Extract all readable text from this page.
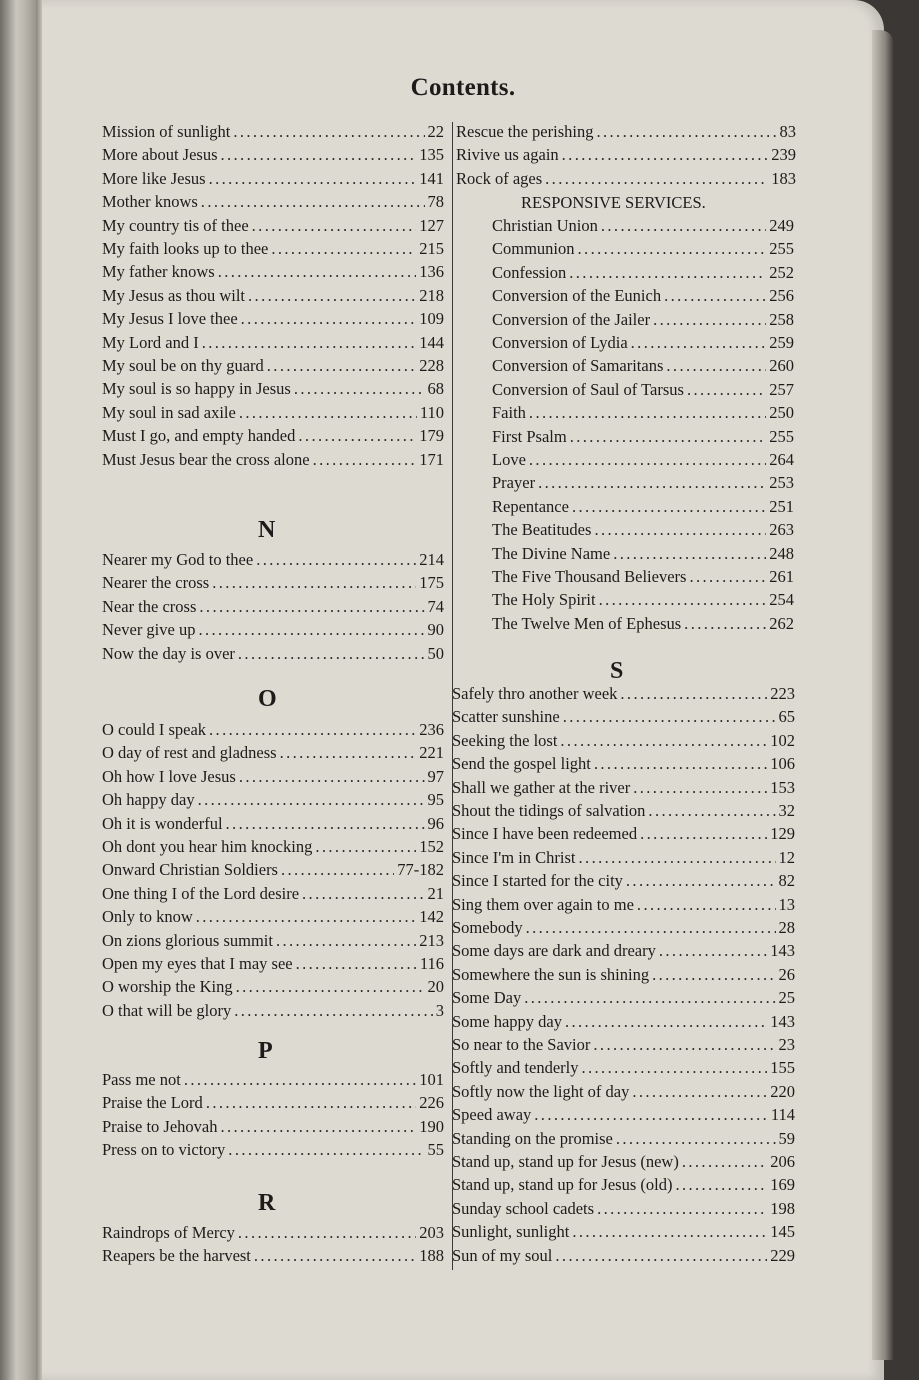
Contents.
Mission of sunlight .....	22
More about Jesus .....	135
More like Jesus .....	141
Mother knows .....	78
My country tis of thee .....	127
My faith looks up to thee .....	215
My father knows .....	136
My Jesus as thou wilt .....	218
My Jesus I love thee .....	109
My Lord and I .....	144
My soul be on thy guard .....	228
My soul is so happy in Jesus .....	68
My soul in sad axile .....	110
Must I go, and empty handed .....	179
Must Jesus bear the cross alone .....	171
N
Nearer my God to thee .....	214
Nearer the cross .....	175
Near the cross .....	74
Never give up .....	90
Now the day is over .....	50
O
O could I speak .....	236
O day of rest and gladness .....	221
Oh how I love Jesus .....	97
Oh happy day .....	95
Oh it is wonderful .....	96
Oh dont you hear him knocking .....	152
Onward Christian Soldiers .....	77-182
One thing I of the Lord desire .....	21
Only to know .....	142
On zions glorious summit .....	213
Open my eyes that I may see .....	116
O worship the King .....	20
O that will be glory .....	3
P
Pass me not .....	101
Praise the Lord .....	226
Praise to Jehovah .....	190
Press on to victory .....	55
R
Raindrops of Mercy .....	203
Reapers be the harvest .....	188
Rescue the perishing .....	83
Rivive us again .....	239
Rock of ages .....	183
RESPONSIVE SERVICES.
Christian Union .....	249
Communion .....	255
Confession .....	252
Conversion of the Eunich .....	256
Conversion of the Jailer .....	258
Conversion of Lydia .....	259
Conversion of Samaritans .....	260
Conversion of Saul of Tarsus .....	257
Faith .....	250
First Psalm .....	255
Love .....	264
Prayer .....	253
Repentance .....	251
The Beatitudes .....	263
The Divine Name .....	248
The Five Thousand Believers .....	261
The Holy Spirit .....	254
The Twelve Men of Ephesus .....	262
S
Safely thro another week .....	223
Scatter sunshine .....	65
Seeking the lost .....	102
Send the gospel light .....	106
Shall we gather at the river .....	153
Shout the tidings of salvation .....	32
Since I have been redeemed .....	129
Since I'm in Christ .....	12
Since I started for the city .....	82
Sing them over again to me .....	13
Somebody .....	28
Some days are dark and dreary .....	143
Somewhere the sun is shining .....	26
Some Day .....	25
Some happy day .....	143
So near to the Savior .....	23
Softly and tenderly .....	155
Softly now the light of day .....	220
Speed away .....	114
Standing on the promise .....	59
Stand up, stand up for Jesus (new) .....	206
Stand up, stand up for Jesus (old) .....	169
Sunday school cadets .....	198
Sunlight, sunlight .....	145
Sun of my soul .....	229
